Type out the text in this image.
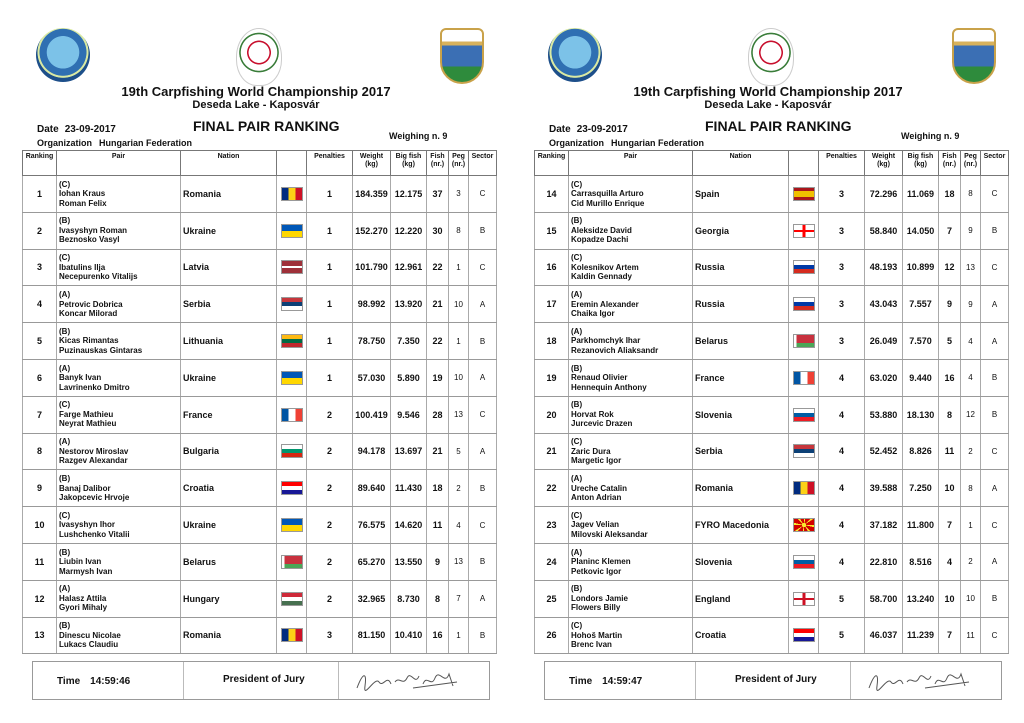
19th Carpfishing World Championship 2017
Deseda Lake - Kaposvár
Date 23-09-2017
Organization Hungarian Federation
FINAL PAIR RANKING
Weighing n. 9
Ranking	Pair	Nation		Penalties	Weight (kg)	Big fish (kg)	Fish (nr.)	Peg (nr.)	Sector
1	(C)
Iohan Kraus
Roman Felix	Romania		1	184.359	12.175	37	3	C
2	(B)
Ivasyshyn Roman
Beznosko Vasyl	Ukraine		1	152.270	12.220	30	8	B
3	(C)
Ibatulins Ilja
Necepurenko Vitalijs	Latvia		1	101.790	12.961	22	1	C
4	(A)
Petrovic Dobrica
Koncar Milorad	Serbia		1	98.992	13.920	21	10	A
5	(B)
Kicas Rimantas
Puzinauskas Gintaras	Lithuania		1	78.750	7.350	22	1	B
6	(A)
Banyk Ivan
Lavrinenko Dmitro	Ukraine		1	57.030	5.890	19	10	A
7	(C)
Farge Mathieu
Neyrat Mathieu	France		2	100.419	9.546	28	13	C
8	(A)
Nestorov Miroslav
Razgev Alexandar	Bulgaria		2	94.178	13.697	21	5	A
9	(B)
Banaj Dalibor
Jakopcevic Hrvoje	Croatia		2	89.640	11.430	18	2	B
10	(C)
Ivasyshyn Ihor
Lushchenko Vitalii	Ukraine		2	76.575	14.620	11	4	C
11	(B)
Liubin Ivan
Marmysh Ivan	Belarus		2	65.270	13.550	9	13	B
12	(A)
Halasz Attila
Gyori Mihaly	Hungary		2	32.965	8.730	8	7	A
13	(B)
Dinescu Nicolae
Lukacs Claudiu	Romania		3	81.150	10.410	16	1	B
Time 14:59:46	President of Jury
19th Carpfishing World Championship 2017
Deseda Lake - Kaposvár
Date 23-09-2017
Organization Hungarian Federation
FINAL PAIR RANKING
Weighing n. 9
Ranking	Pair	Nation		Penalties	Weight (kg)	Big fish (kg)	Fish (nr.)	Peg (nr.)	Sector
14	(C)
Carrasquilla Arturo
Cid Murillo Enrique	Spain		3	72.296	11.069	18	8	C
15	(B)
Aleksidze David
Kopadze Dachi	Georgia		3	58.840	14.050	7	9	B
16	(C)
Kolesnikov Artem
Kaldin Gennady	Russia		3	48.193	10.899	12	13	C
17	(A)
Eremin Alexander
Chaika Igor	Russia		3	43.043	7.557	9	9	A
18	(A)
Parkhomchyk Ihar
Rezanovich Aliaksandr	Belarus		3	26.049	7.570	5	4	A
19	(B)
Renaud Olivier
Hennequin Anthony	France		4	63.020	9.440	16	4	B
20	(B)
Horvat Rok
Jurcevic Drazen	Slovenia		4	53.880	18.130	8	12	B
21	(C)
Zaric Dura
Margetic Igor	Serbia		4	52.452	8.826	11	2	C
22	(A)
Ureche Catalin
Anton Adrian	Romania		4	39.588	7.250	10	8	A
23	(C)
Jagev Velian
Milovski Aleksandar	FYRO Macedonia		4	37.182	11.800	7	1	C
24	(A)
Planinc Klemen
Petkovic Igor	Slovenia		4	22.810	8.516	4	2	A
25	(B)
Londors Jamie
Flowers Billy	England		5	58.700	13.240	10	10	B
26	(C)
Hohoš Martin
Brenc Ivan	Croatia		5	46.037	11.239	7	11	C
Time 14:59:47	President of Jury
